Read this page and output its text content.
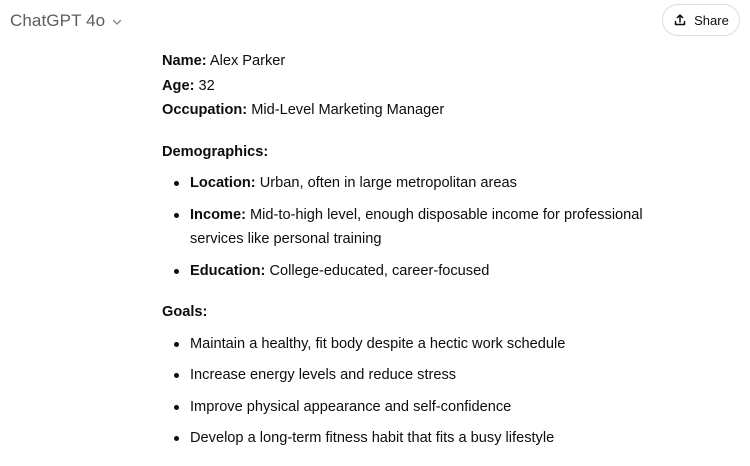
ChatGPT 4o	Share

Name: Alex Parker

Age: 32

Occupation: Mid-Level Marketing Manager

Demographics:

Location: Urban, often in large metropolitan areas
Income: Mid-to-high level, enough disposable income for professional services like personal training
Education: College-educated, career-focused

Goals:

Maintain a healthy, fit body despite a hectic work schedule
Increase energy levels and reduce stress
Improve physical appearance and self-confidence
Develop a long-term fitness habit that fits a busy lifestyle
